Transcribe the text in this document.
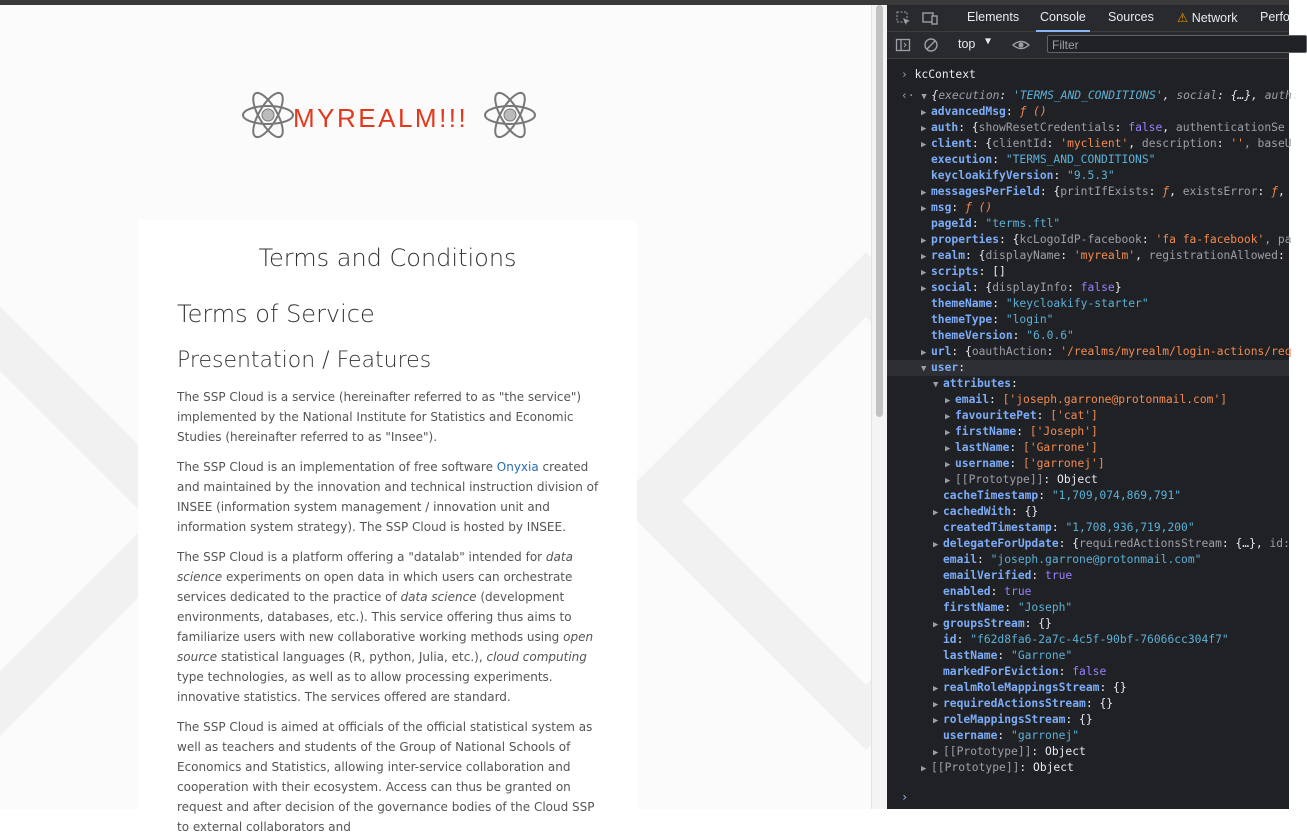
MYREALM!!!
Terms and Conditions
Terms of Service
Presentation / Features
The SSP Cloud is a service (hereinafter referred to as "the service") implemented by the National Institute for Statistics and Economic Studies (hereinafter referred to as "Insee").
The SSP Cloud is an implementation of free software Onyxia created and maintained by the innovation and technical instruction division of INSEE (information system management / innovation unit and information system strategy). The SSP Cloud is hosted by INSEE.
The SSP Cloud is a platform offering a "datalab" intended for data science experiments on open data in which users can orchestrate services dedicated to the practice of data science (development environments, databases, etc.). This service offering thus aims to familiarize users with new collaborative working methods using open source statistical languages (R, python, Julia, etc.), cloud computing type technologies, as well as to allow processing experiments. innovative statistics. The services offered are standard.
The SSP Cloud is aimed at officials of the official statistical system as well as teachers and students of the Group of National Schools of Economics and Statistics, allowing inter-service collaboration and cooperation with their ecosystem. Access can thus be granted on request and after decision of the governance bodies of the Cloud SSP to external collaborators and
Elements Console Sources ⚠ Network Perfo
top ▼	Filter
› kcContext
‹· ▼ {execution: 'TERMS_AND_CONDITIONS', social: {…}, auth:
›
▶ advancedMsg: ƒ ()
▶ auth: {showResetCredentials: false, authenticationSe
▶ client: {clientId: 'myclient', description: '', baseU
execution: "TERMS_AND_CONDITIONS"
keycloakifyVersion: "9.5.3"
▶ messagesPerField: {printIfExists: ƒ, existsError: ƒ,
▶ msg: ƒ ()
pageId: "terms.ftl"
▶ properties: {kcLogoIdP-facebook: 'fa fa-facebook', pa
▶ realm: {displayName: 'myrealm', registrationAllowed:
▶ scripts: []
▶ social: {displayInfo: false}
themeName: "keycloakify-starter"
themeType: "login"
themeVersion: "6.0.6"
▶ url: {oauthAction: '/realms/myrealm/login-actions/req
▼ user:
▼ attributes:
▶ email: ['joseph.garrone@protonmail.com']
▶ favouritePet: ['cat']
▶ firstName: ['Joseph']
▶ lastName: ['Garrone']
▶ username: ['garronej']
▶ [[Prototype]]: Object
cacheTimestamp: "1,709,074,869,791"
▶ cachedWith: {}
createdTimestamp: "1,708,936,719,200"
▶ delegateForUpdate: {requiredActionsStream: {…}, id:
email: "joseph.garrone@protonmail.com"
emailVerified: true
enabled: true
firstName: "Joseph"
▶ groupsStream: {}
id: "f62d8fa6-2a7c-4c5f-90bf-76066cc304f7"
lastName: "Garrone"
markedForEviction: false
▶ realmRoleMappingsStream: {}
▶ requiredActionsStream: {}
▶ roleMappingsStream: {}
username: "garronej"
▶ [[Prototype]]: Object
▶ [[Prototype]]: Object
